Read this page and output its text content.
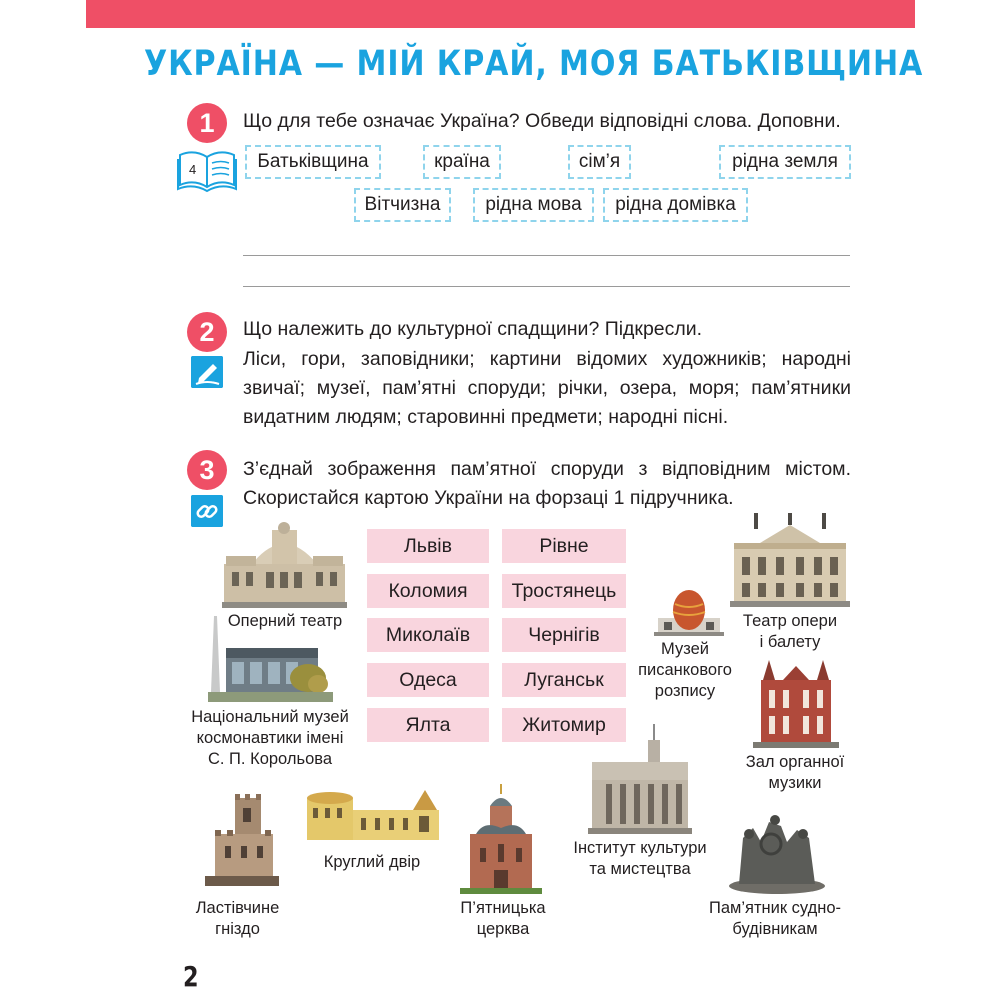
УКРАЇНА — МІЙ КРАЙ, МОЯ БАТЬКІВЩИНА
1
4
Що для тебе означає Україна? Обведи відповідні слова. Доповни.
Батьківщина	країна	сім’я	рідна земля
Вітчизна	рідна мова	рідна домівка
2	Що належить до культурної спадщини? Підкресли.
Ліси, гори, заповідники; картини відомих художників; народні
звичаї; музеї, пам’ятні споруди; річки, озера, моря; пам’ятники
видатним людям; старовинні предмети; народні пісні.
3	З’єднай зображення пам’ятної споруди з відповідним містом.
Скористайся картою України на форзаці 1 підручника.
Львів
Коломия
Миколаїв
Одеса
Ялта
Рівне
Тростянець
Чернігів
Луганськ
Житомир
Оперний театр
Національний музей
космонавтики імені
С. П. Корольова
Ластівчине
гніздо
Круглий двір
П’ятницька
церква
Інститут культури
та мистецтва
Музей
писанкового
розпису
Театр опери
і балету
Зал органної
музики
Пам’ятник судно-
будівникам
2
